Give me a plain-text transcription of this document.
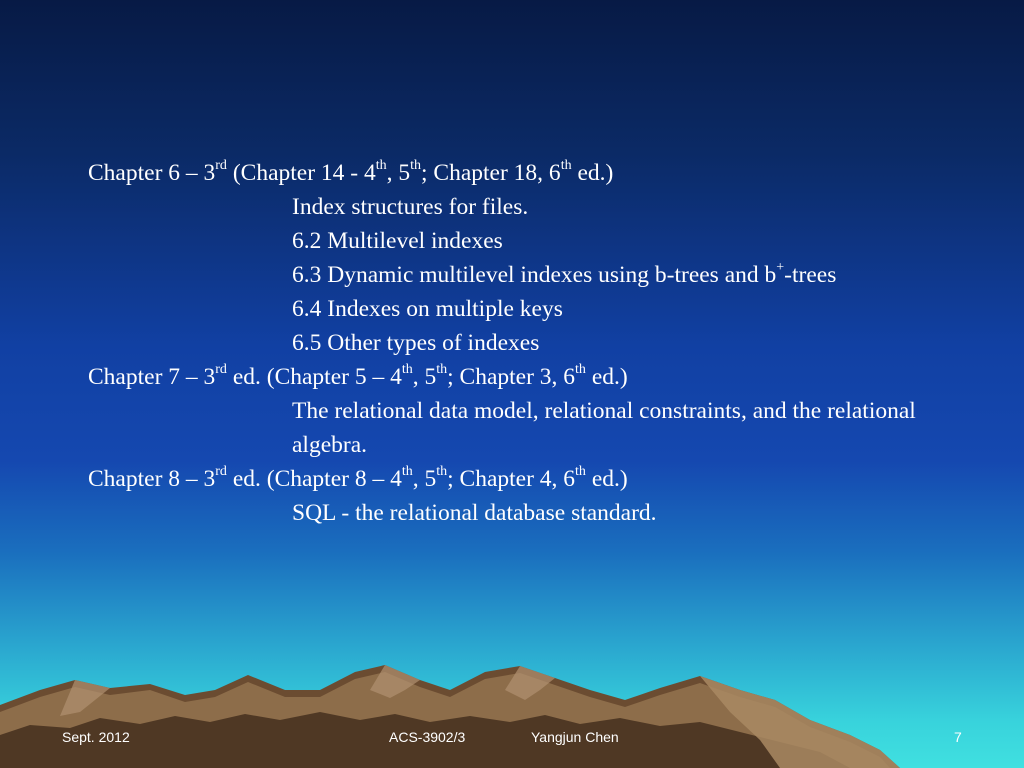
Chapter 6 – 3rd (Chapter 14 - 4th, 5th; Chapter 18, 6th ed.)
Index structures for files.
6.2 Multilevel indexes
6.3 Dynamic multilevel indexes using b-trees and b+-trees
6.4 Indexes on multiple keys
6.5 Other types of indexes
Chapter 7 – 3rd ed. (Chapter 5 – 4th, 5th; Chapter 3, 6th ed.)
The relational data model, relational constraints, and the relational algebra.
Chapter 8 – 3rd ed. (Chapter 8 – 4th, 5th; Chapter 4, 6th ed.)
SQL - the relational database standard.
Sept. 2012	ACS-3902/3	Yangjun Chen	7
